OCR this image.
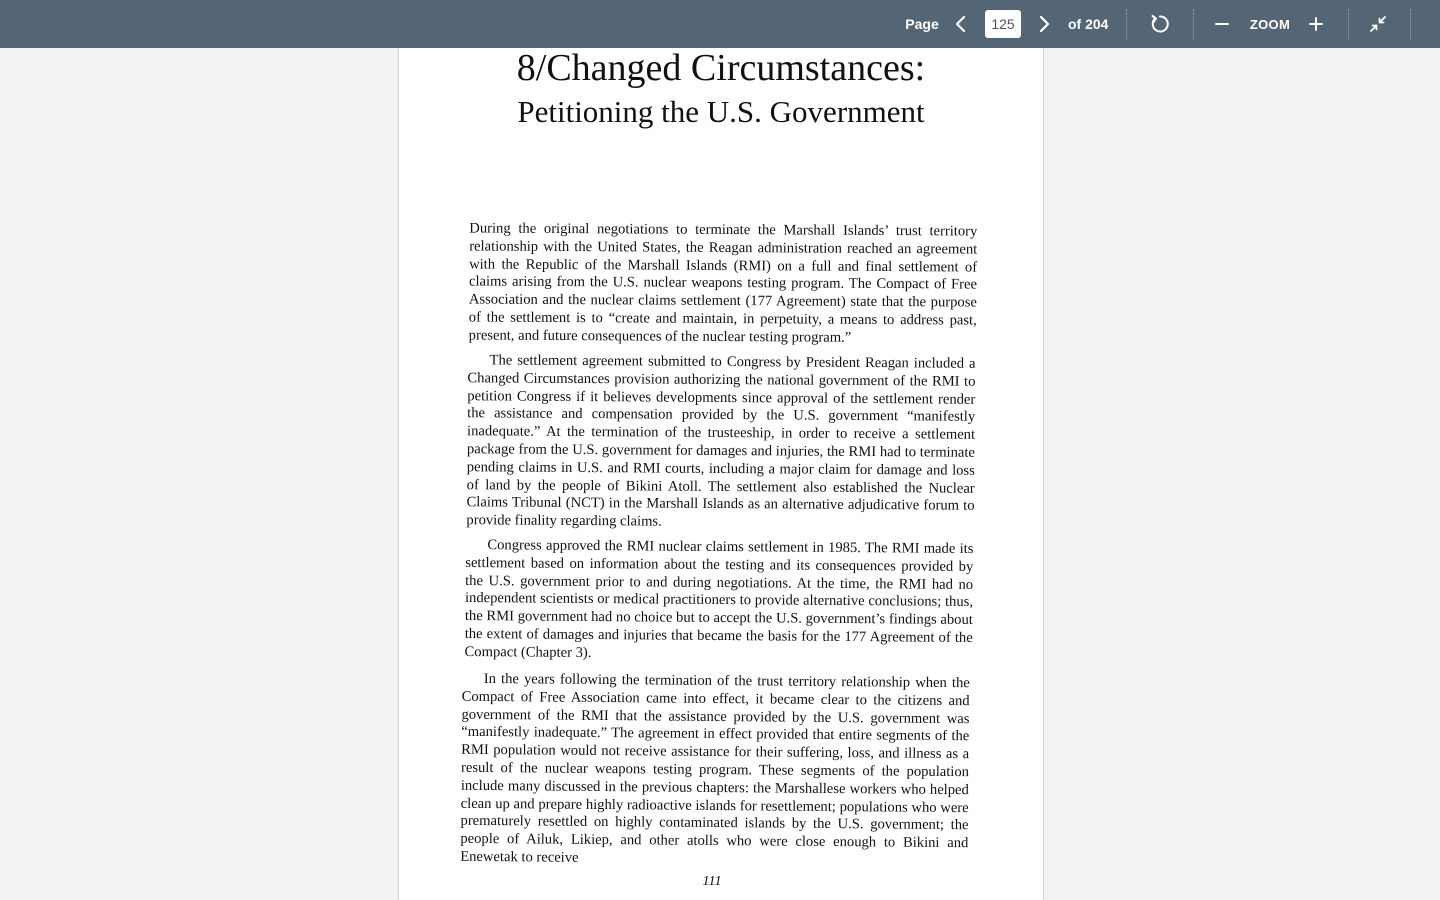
Page
125	of 204	ZOOM
8/Changed Circumstances:
Petitioning the U.S. Government

During the original negotiations to terminate the Marshall Islands’ trust territory relationship with the United States, the Reagan administration reached an agreement with the Republic of the Marshall Islands (RMI) on a full and final settlement of claims arising from the U.S. nuclear weapons testing program. The Compact of Free Association and the nuclear claims settlement (177 Agreement) state that the purpose of the settlement is to “create and maintain, in perpetuity, a means to address past, present, and future consequences of the nuclear testing program.”

The settlement agreement submitted to Congress by President Reagan included a Changed Circumstances provision authorizing the national government of the RMI to petition Congress if it believes developments since approval of the settlement render the assistance and compensation provided by the U.S. government “manifestly inadequate.” At the termination of the trusteeship, in order to receive a settlement package from the U.S. government for damages and injuries, the RMI had to terminate pending claims in U.S. and RMI courts, including a major claim for damage and loss of land by the people of Bikini Atoll. The settlement also established the Nuclear Claims Tribunal (NCT) in the Marshall Islands as an alternative adjudicative forum to provide finality regarding claims.

Congress approved the RMI nuclear claims settlement in 1985. The RMI made its settlement based on information about the testing and its consequences provided by the U.S. government prior to and during negotiations. At the time, the RMI had no independent scientists or medical practitioners to provide alternative conclusions; thus, the RMI government had no choice but to accept the U.S. government’s findings about the extent of damages and injuries that became the basis for the 177 Agreement of the Compact (Chapter 3).

In the years following the termination of the trust territory relationship when the Compact of Free Association came into effect, it became clear to the citizens and government of the RMI that the assistance provided by the U.S. government was “manifestly inadequate.” The agreement in effect provided that entire segments of the RMI population would not receive assistance for their suffering, loss, and illness as a result of the nuclear weapons testing program. These segments of the population include many discussed in the previous chapters: the Marshallese workers who helped clean up and prepare highly radioactive islands for resettlement; populations who were prematurely resettled on highly contaminated islands by the U.S. government; the people of Ailuk, Likiep, and other atolls who were close enough to Bikini and Enewetak to receive

111
